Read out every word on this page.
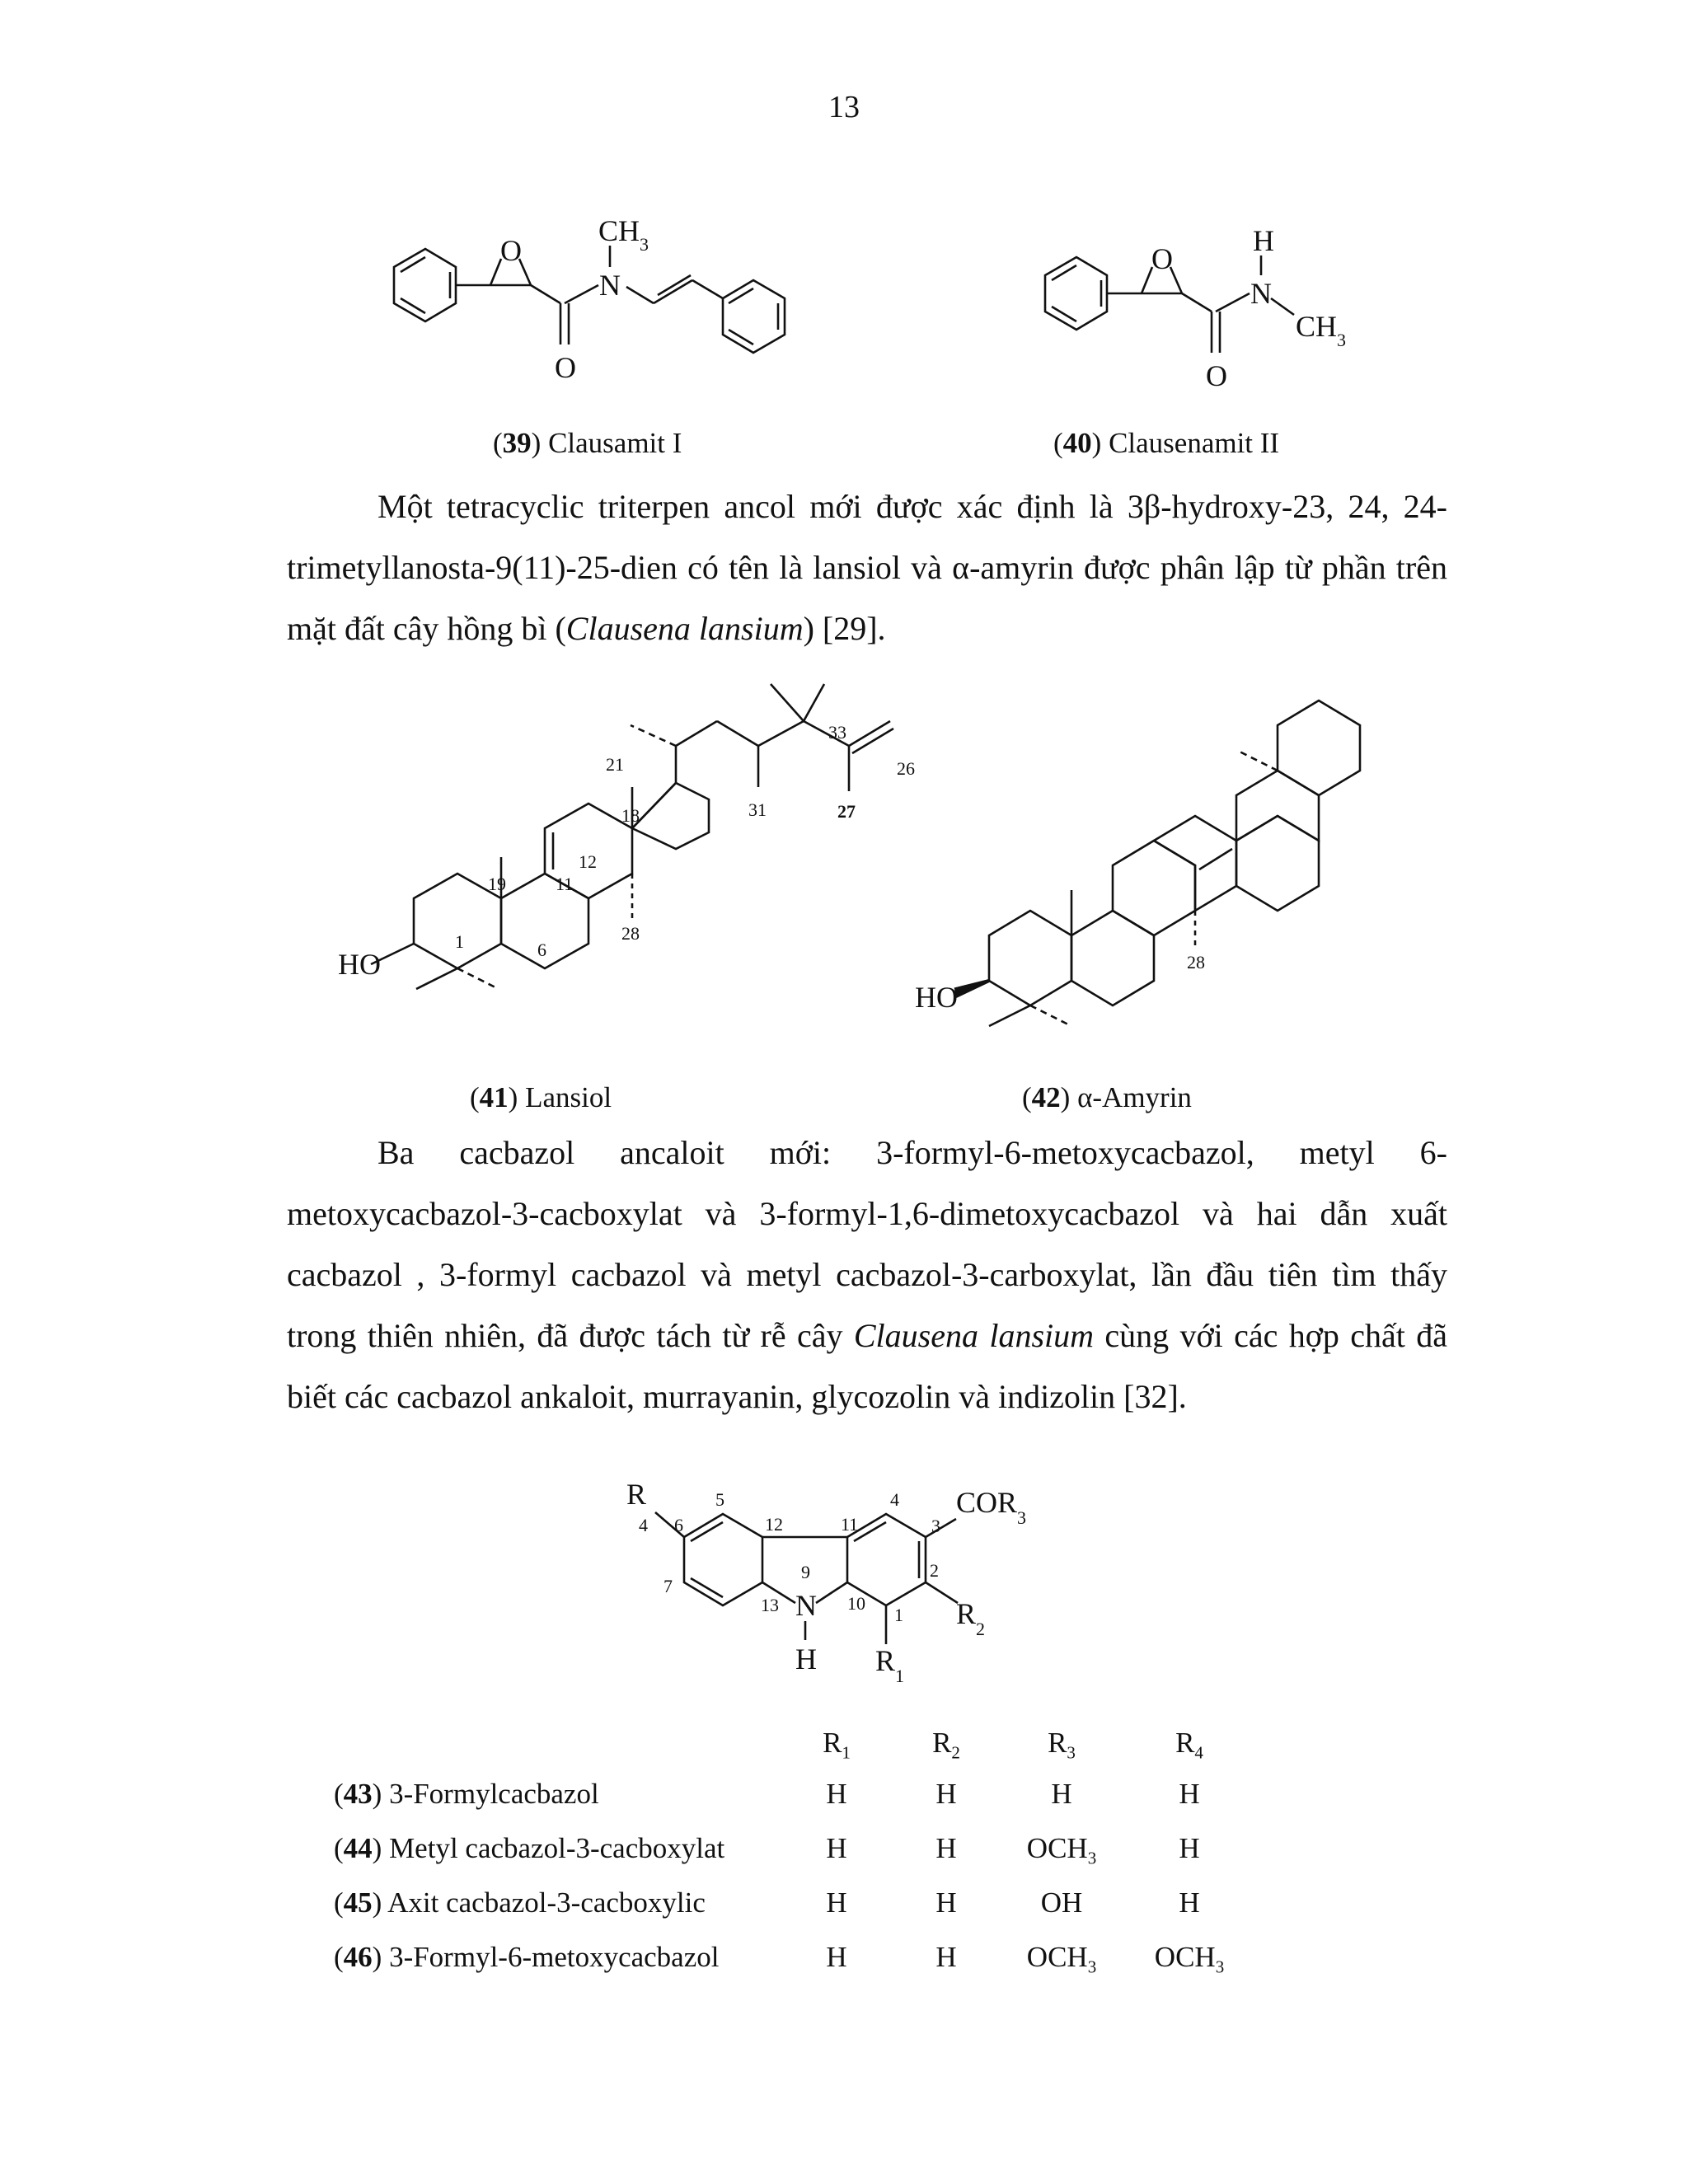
13
O
O
N
$CH_3$	O
O
N
H
$CH_3$
(39) Clausamit I	(40) Clausenamit II

Một tetracyclic triterpen ancol mới được xác định là 3β-hydroxy-23, 24, 24-trimetyllanosta-9(11)-25-dien có tên là lansiol và α-amyrin được phân lập từ phần trên mặt đất cây hồng bì (Clausena lansium) [29].

HO
1	6
19	11
12
18
28
21
31
33
26
27
HO
28
(41) Lansiol	(42) α-Amyrin

Ba cacbazol ancaloit mới: 3-formyl-6-metoxycacbazol, metyl 6-metoxycacbazol-3-cacboxylat và 3-formyl-1,6-dimetoxycacbazol và hai dẫn xuất cacbazol , 3-formyl cacbazol và metyl cacbazol-3-carboxylat, lần đầu tiên tìm thấy trong thiên nhiên, đã được tách từ rễ cây Clausena lansium cùng với các hợp chất đã biết các cacbazol ankaloit, murrayanin, glycozolin và indizolin [32].

N
H
R
4
$COR_3$
$R_2$
$R_1$
6
5
12	11
4
3
7
9
13	10
2
1
$R_1$	$R_2$	$R_3$	$R_4$
(43) 3-Formylcacbazol	H	H	H	H
(44) Metyl cacbazol-3-cacboxylat	H	H	$OCH_3$	H
(45) Axit cacbazol-3-cacboxylic	H	H	OH	H
(46) 3-Formyl-6-metoxycacbazol	H	H	$OCH_3$	$OCH_3$
